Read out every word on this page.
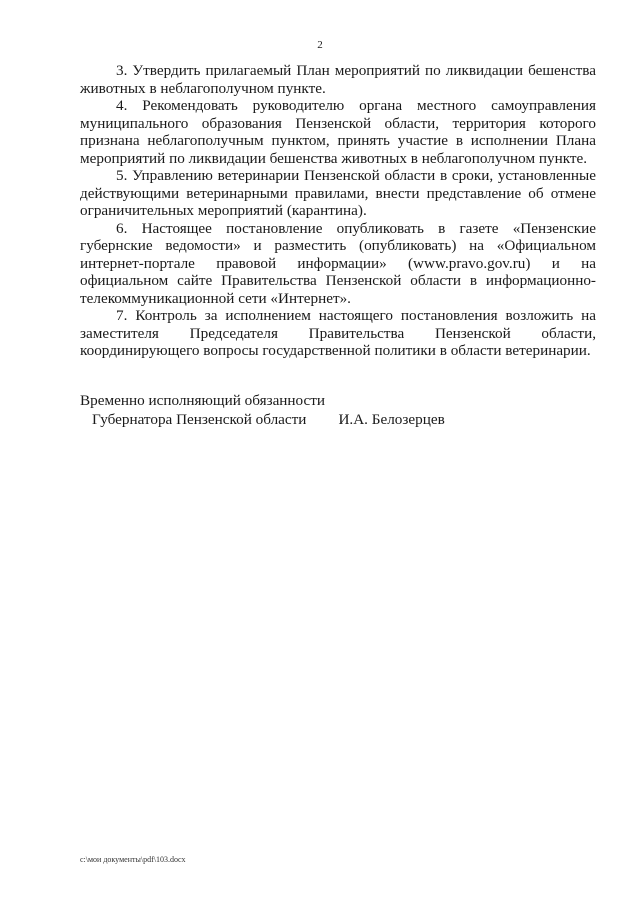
2

3. Утвердить прилагаемый План мероприятий по ликвидации бешенства животных в неблагополучном пункте.

4. Рекомендовать руководителю органа местного самоуправления муниципального образования Пензенской области, территория которого признана неблагополучным пунктом, принять участие в исполнении Плана мероприятий по ликвидации бешенства животных в неблагополучном пункте.

5. Управлению ветеринарии Пензенской области в сроки, установленные действующими ветеринарными правилами, внести представление об отмене ограничительных мероприятий (карантина).

6. Настоящее постановление опубликовать в газете «Пензенские губернские ведомости» и разместить (опубликовать) на «Официальном интернет-портале правовой информации» (www.pravo.gov.ru) и на официальном сайте Правительства Пензенской области в информационно-телекоммуникационной сети «Интернет».

7. Контроль за исполнением настоящего постановления возложить на заместителя Председателя Правительства Пензенской области, координирующего вопросы государственной политики в области ветеринарии.

Временно исполняющий обязанности
Губернатора Пензенской области И.А. Белозерцев
c:\мои документы\pdf\103.docx
